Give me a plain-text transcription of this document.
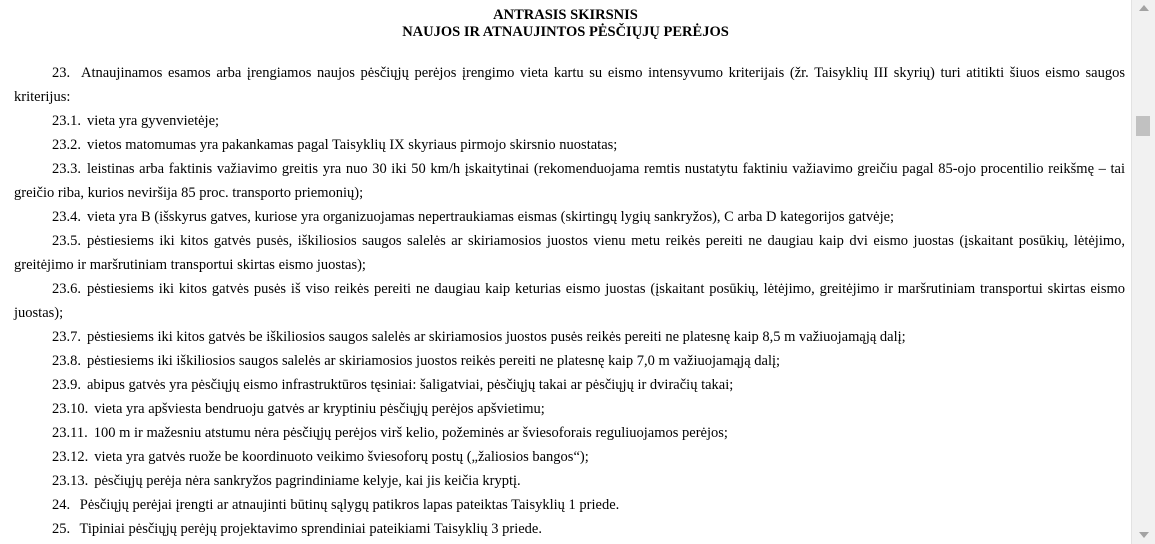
ANTRASIS SKIRSNIS
NAUJOS IR ATNAUJINTOS PĖSČIŲJŲ PERĖJOS

23. Atnaujinamos esamos arba įrengiamos naujos pėsčiųjų perėjos įrengimo vieta kartu su eismo intensyvumo kriterijais (žr. Taisyklių III skyrių) turi atitikti šiuos eismo saugos kriterijus:

23.1. vieta yra gyvenvietėje;

23.2. vietos matomumas yra pakankamas pagal Taisyklių IX skyriaus pirmojo skirsnio nuostatas;

23.3. leistinas arba faktinis važiavimo greitis yra nuo 30 iki 50 km/h įskaitytinai (rekomenduojama remtis nustatytu faktiniu važiavimo greičiu pagal 85-ojo procentilio reikšmę – tai greičio riba, kurios neviršija 85 proc. transporto priemonių);

23.4. vieta yra B (išskyrus gatves, kuriose yra organizuojamas nepertraukiamas eismas (skirtingų lygių sankryžos), C arba D kategorijos gatvėje;

23.5. pėstiesiems iki kitos gatvės pusės, iškiliosios saugos salelės ar skiriamosios juostos vienu metu reikės pereiti ne daugiau kaip dvi eismo juostas (įskaitant posūkių, lėtėjimo, greitėjimo ir maršrutiniam transportui skirtas eismo juostas);

23.6. pėstiesiems iki kitos gatvės pusės iš viso reikės pereiti ne daugiau kaip keturias eismo juostas (įskaitant posūkių, lėtėjimo, greitėjimo ir maršrutiniam transportui skirtas eismo juostas);

23.7. pėstiesiems iki kitos gatvės be iškiliosios saugos salelės ar skiriamosios juostos pusės reikės pereiti ne platesnę kaip 8,5 m važiuojamąją dalį;

23.8. pėstiesiems iki iškiliosios saugos salelės ar skiriamosios juostos reikės pereiti ne platesnę kaip 7,0 m važiuojamąją dalį;

23.9. abipus gatvės yra pėsčiųjų eismo infrastruktūros tęsiniai: šaligatviai, pėsčiųjų takai ar pėsčiųjų ir dviračių takai;

23.10. vieta yra apšviesta bendruoju gatvės ar kryptiniu pėsčiųjų perėjos apšvietimu;

23.11. 100 m ir mažesniu atstumu nėra pėsčiųjų perėjos virš kelio, požeminės ar šviesoforais reguliuojamos perėjos;

23.12. vieta yra gatvės ruože be koordinuoto veikimo šviesoforų postų („žaliosios bangos“);

23.13. pėsčiųjų perėja nėra sankryžos pagrindiniame kelyje, kai jis keičia kryptį.

24. Pėsčiųjų perėjai įrengti ar atnaujinti būtinų sąlygų patikros lapas pateiktas Taisyklių 1 priede.

25. Tipiniai pėsčiųjų perėjų projektavimo sprendiniai pateikiami Taisyklių 3 priede.
